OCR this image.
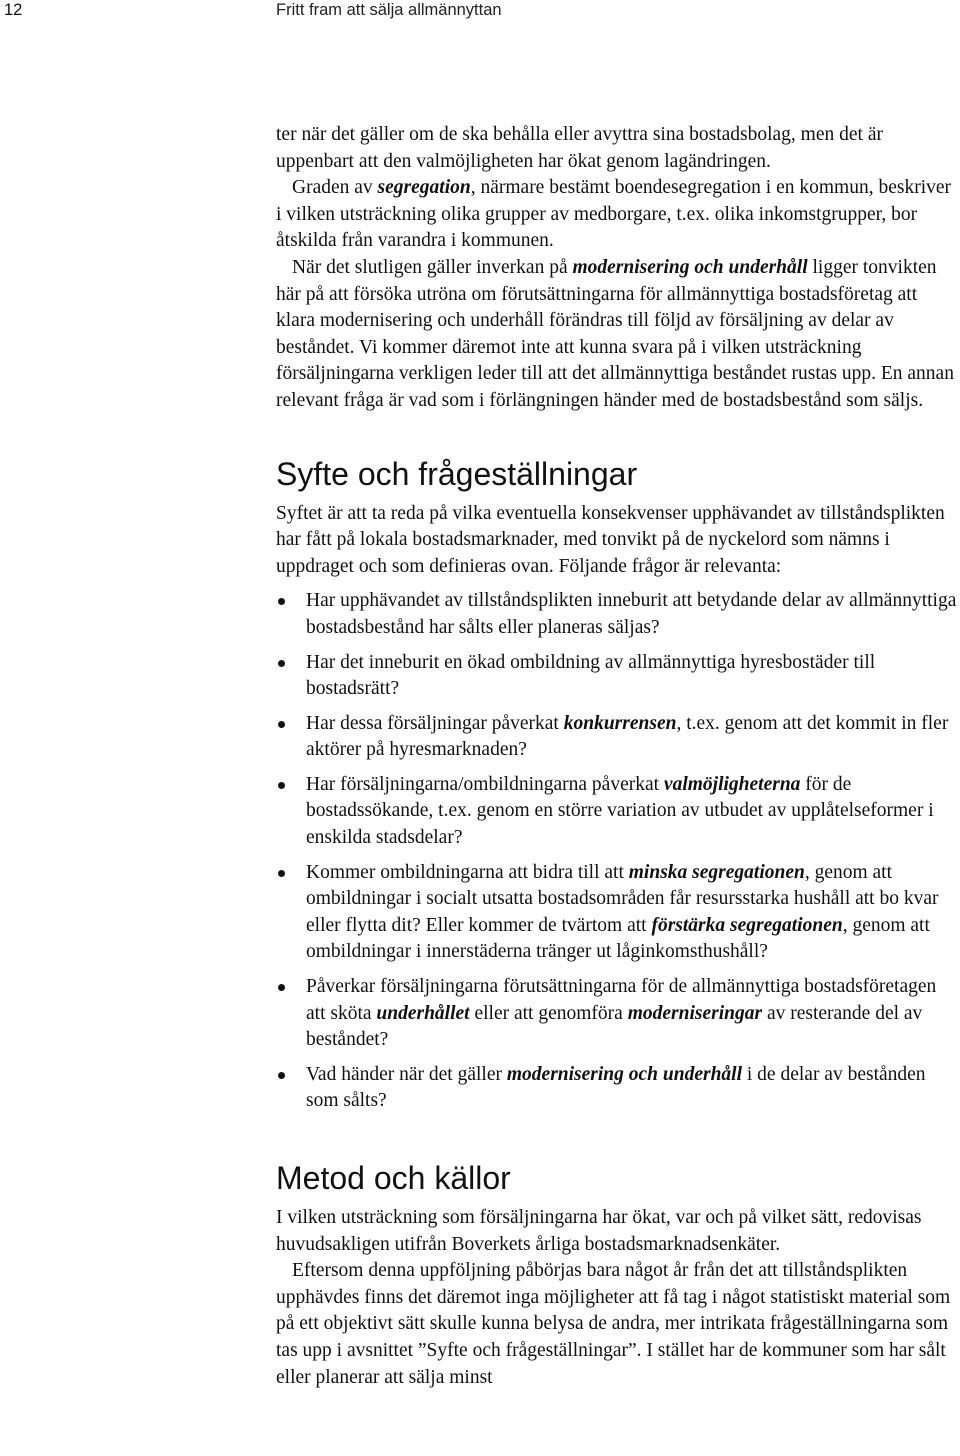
12	Fritt fram att sälja allmännyttan

ter när det gäller om de ska behålla eller avyttra sina bostadsbolag, men det är uppenbart att den valmöjligheten har ökat genom lagändringen.

Graden av segregation, närmare bestämt boendesegregation i en kommun, beskriver i vilken utsträckning olika grupper av medborgare, t.ex. olika inkomstgrupper, bor åtskilda från varandra i kommunen.

När det slutligen gäller inverkan på modernisering och underhåll ligger tonvikten här på att försöka utröna om förutsättningarna för allmännyttiga bostadsföretag att klara modernisering och underhåll förändras till följd av försäljning av delar av beståndet. Vi kommer däremot inte att kunna svara på i vilken utsträckning försäljningarna verkligen leder till att det allmännyttiga beståndet rustas upp. En annan relevant fråga är vad som i förlängningen händer med de bostadsbestånd som säljs.

Syfte och frågeställningar

Syftet är att ta reda på vilka eventuella konsekvenser upphävandet av tillståndsplikten har fått på lokala bostadsmarknader, med tonvikt på de nyckelord som nämns i uppdraget och som definieras ovan. Följande frågor är relevanta:

Har upphävandet av tillståndsplikten inneburit att betydande delar av allmännyttiga bostadsbestånd har sålts eller planeras säljas?
Har det inneburit en ökad ombildning av allmännyttiga hyresbostäder till bostadsrätt?
Har dessa försäljningar påverkat konkurrensen, t.ex. genom att det kommit in fler aktörer på hyresmarknaden?
Har försäljningarna/ombildningarna påverkat valmöjligheterna för de bostadssökande, t.ex. genom en större variation av utbudet av upplåtelseformer i enskilda stadsdelar?
Kommer ombildningarna att bidra till att minska segregationen, genom att ombildningar i socialt utsatta bostadsområden får resursstarka hushåll att bo kvar eller flytta dit? Eller kommer de tvärtom att förstärka segregationen, genom att ombildningar i innerstäderna tränger ut låginkomsthushåll?
Påverkar försäljningarna förutsättningarna för de allmännyttiga bostadsföretagen att sköta underhållet eller att genomföra moderniseringar av resterande del av beståndet?
Vad händer när det gäller modernisering och underhåll i de delar av bestånden som sålts?
Metod och källor

I vilken utsträckning som försäljningarna har ökat, var och på vilket sätt, redovisas huvudsakligen utifrån Boverkets årliga bostadsmarknadsenkäter.

Eftersom denna uppföljning påbörjas bara något år från det att tillståndsplikten upphävdes finns det däremot inga möjligheter att få tag i något statistiskt material som på ett objektivt sätt skulle kunna belysa de andra, mer intrikata frågeställningarna som tas upp i avsnittet ”Syfte och frågeställningar”. I stället har de kommuner som har sålt eller planerar att sälja minst
